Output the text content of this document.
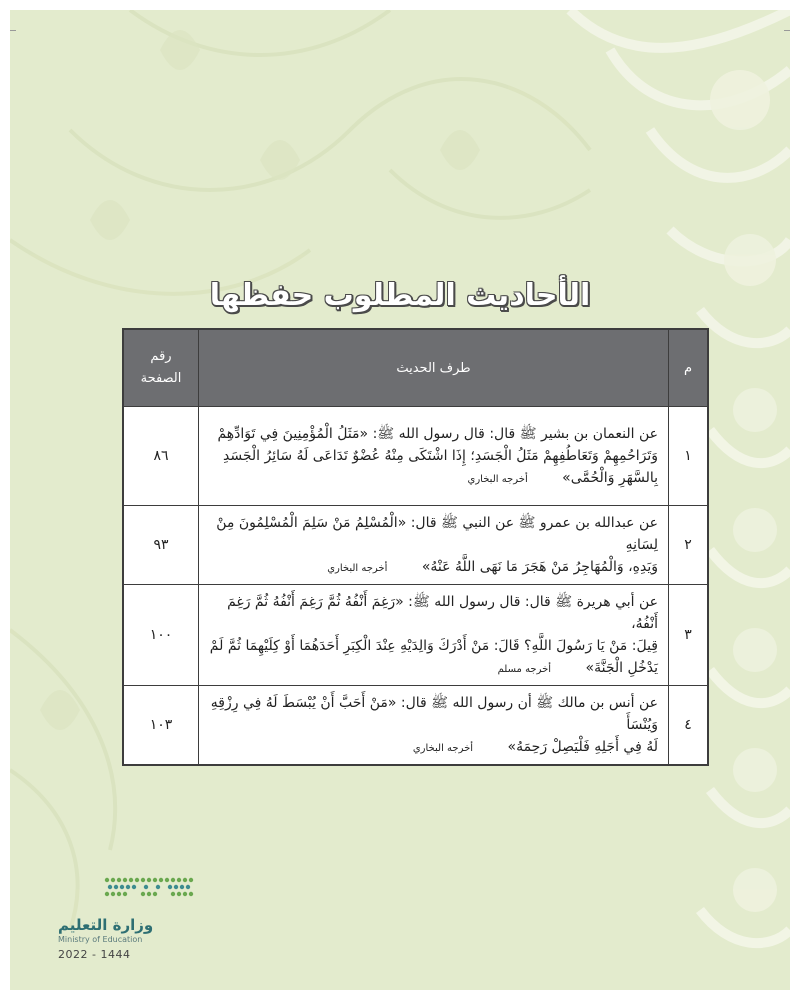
الأحاديث المطلوب حفظها
م	طرف الحديث	رقم
الصفحة
١	عن النعمان بن بشير ﷺ قال: قال رسول الله ﷺ: «مَثَلُ الْمُؤْمِنِينَ فِي تَوَادِّهِمْ
وَتَرَاحُمِهِمْ وَتَعَاطُفِهِمْ مَثَلُ الْجَسَدِ؛ إِذَا اشْتَكَى مِنْهُ عُضْوٌ تَدَاعَى لَهُ سَائِرُ الْجَسَدِ
بِالسَّهَرِ وَالْحُمَّى» أخرجه البخاري	٨٦
٢	عن عبدالله بن عمرو ﷺ عن النبي ﷺ قال: «الْمُسْلِمُ مَنْ سَلِمَ الْمُسْلِمُونَ مِنْ لِسَانِهِ
وَيَدِهِ، وَالْمُهَاجِرُ مَنْ هَجَرَ مَا نَهَى اللَّهُ عَنْهُ» أخرجه البخاري	٩٣
٣	عن أبي هريرة ﷺ قال: قال رسول الله ﷺ: «رَغِمَ أَنْفُهُ ثُمَّ رَغِمَ أَنْفُهُ ثُمَّ رَغِمَ أَنْفُهُ،
قِيلَ: مَنْ يَا رَسُولَ اللَّهِ؟ قَالَ: مَنْ أَدْرَكَ وَالِدَيْهِ عِنْدَ الْكِبَرِ أَحَدَهُمَا أَوْ كِلَيْهِمَا ثُمَّ لَمْ
يَدْخُلِ الْجَنَّةَ» أخرجه مسلم	١٠٠
٤	عن أنس بن مالك ﷺ أن رسول الله ﷺ قال: «مَنْ أَحَبَّ أَنْ يُبْسَطَ لَهُ فِي رِزْقِهِ وَيُنْسَأَ
لَهُ فِي أَجَلِهِ فَلْيَصِلْ رَحِمَهُ» أخرجه البخاري	١٠٣
وزارة التعليم
Ministry of Education
2022 - 1444
